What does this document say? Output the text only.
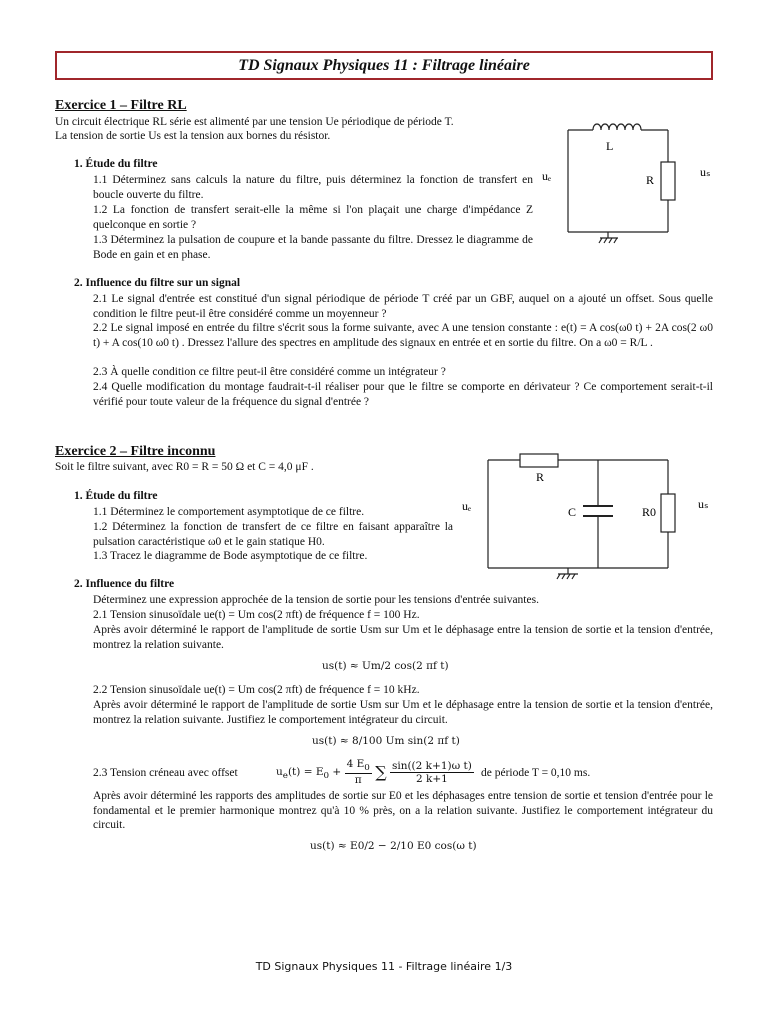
TD Signaux Physiques 11 : Filtrage linéaire
Exercice 1 – Filtre RL
Un circuit électrique RL série est alimenté par une tension Ue périodique de période T.
La tension de sortie Us est la tension aux bornes du résistor.
1. Étude du filtre
1.1 Déterminez sans calculs la nature du filtre, puis déterminez la fonction de transfert en boucle ouverte du filtre.
1.2 La fonction de transfert serait-elle la même si l'on plaçait une charge d'impédance Z quelconque en sortie ?
1.3 Déterminez la pulsation de coupure et la bande passante du filtre. Dressez le diagramme de Bode en gain et en phase.
2. Influence du filtre sur un signal
2.1 Le signal d'entrée est constitué d'un signal périodique de période T créé par un GBF, auquel on a ajouté un offset. Sous quelle condition le filtre peut-il être considéré comme un moyenneur ?
2.2 Le signal imposé en entrée du filtre s'écrit sous la forme suivante, avec A une tension constante : e(t) = A cos(ω0 t) + 2A cos(2 ω0 t) + A cos(10 ω0 t) . Dressez l'allure des spectres en amplitude des signaux en entrée et en sortie du filtre. On a ω0 = R/L .
2.3 À quelle condition ce filtre peut-il être considéré comme un intégrateur ?
2.4 Quelle modification du montage faudrait-t-il réaliser pour que le filtre se comporte en dérivateur ? Ce comportement serait-t-il vérifié pour toute valeur de la fréquence du signal d'entrée ?
L
R
uₑ	uₛ
Exercice 2 – Filtre inconnu
Soit le filtre suivant, avec R0 = R = 50 Ω et C = 4,0 μF .
1. Étude du filtre
1.1 Déterminez le comportement asymptotique de ce filtre.
1.2 Déterminez la fonction de transfert de ce filtre en faisant apparaître la pulsation caractéristique ω0 et le gain statique H0.
1.3 Tracez le diagramme de Bode asymptotique de ce filtre.
R
C	R0
uₑ	uₛ
2. Influence du filtre
Déterminez une expression approchée de la tension de sortie pour les tensions d'entrée suivantes.
2.1 Tension sinusoïdale ue(t) = Um cos(2 πft) de fréquence f = 100 Hz.
Après avoir déterminé le rapport de l'amplitude de sortie Usm sur Um et le déphasage entre la tension de sortie et la tension d'entrée, montrez la relation suivante.
us(t) ≈ Um/2 cos(2 πf t)
2.2 Tension sinusoïdale ue(t) = Um cos(2 πft) de fréquence f = 10 kHz.
Après avoir déterminé le rapport de l'amplitude de sortie Usm sur Um et le déphasage entre la tension de sortie et la tension d'entrée, montrez la relation suivante. Justifiez le comportement intégrateur du circuit.
us(t) ≈ 8/100 Um sin(2 πf t)
2.3 Tension créneau avec offset	$u_e(t) = E_0 + \frac{4 E_0}{\pi}$ ∑ $\frac{\text{sin((2 k+1)ω t)}}{2 k+1}$ de période T = 0,10 ms.
Après avoir déterminé les rapports des amplitudes de sortie sur E0 et les déphasages entre tension de sortie et tension d'entrée pour le fondamental et le premier harmonique montrez qu'à 10 % près, on a la relation suivante. Justifiez le comportement intégrateur du circuit.
us(t) ≈ E0/2 − 2/10 E0 cos(ω t)
TD Signaux Physiques 11 - Filtrage linéaire 1/3
